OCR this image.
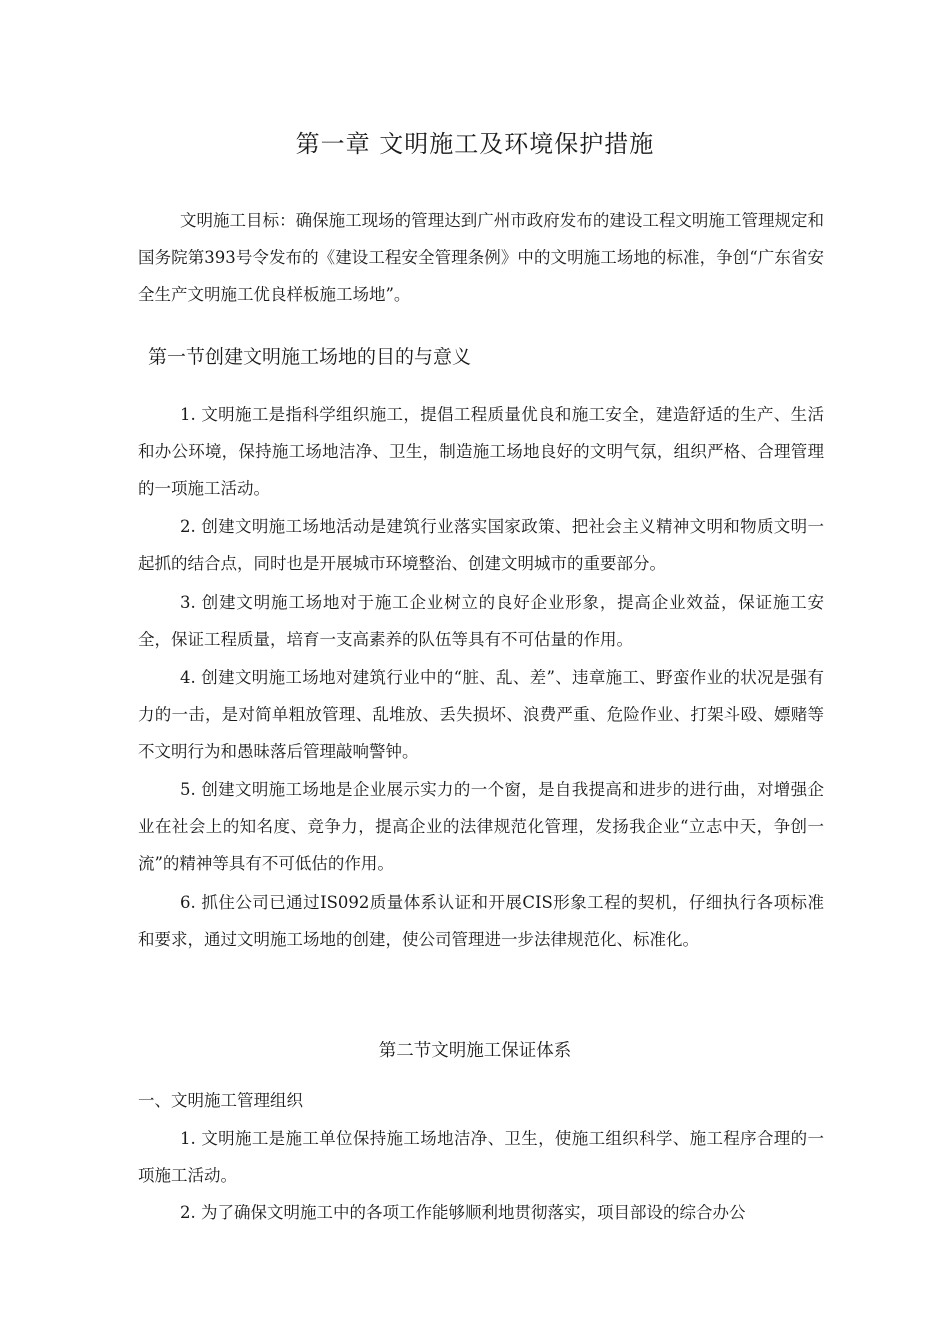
第一章 文明施工及环境保护措施

文明施工目标：确保施工现场的管理达到广州市政府发布的建设工程文明施工管理规定和国务院第393号令发布的《建设工程安全管理条例》中的文明施工场地的标准，争创“广东省安全生产文明施工优良样板施工场地”。

第一节创建文明施工场地的目的与意义

1. 文明施工是指科学组织施工，提倡工程质量优良和施工安全，建造舒适的生产、生活和办公环境，保持施工场地洁净、卫生，制造施工场地良好的文明气氛，组织严格、合理管理的一项施工活动。

2. 创建文明施工场地活动是建筑行业落实国家政策、把社会主义精神文明和物质文明一起抓的结合点，同时也是开展城市环境整治、创建文明城市的重要部分。

3. 创建文明施工场地对于施工企业树立的良好企业形象，提高企业效益，保证施工安全，保证工程质量，培育一支高素养的队伍等具有不可估量的作用。

4. 创建文明施工场地对建筑行业中的“脏、乱、差”、违章施工、野蛮作业的状况是强有力的一击，是对简单粗放管理、乱堆放、丢失损坏、浪费严重、危险作业、打架斗殴、嫖赌等不文明行为和愚昧落后管理敲响警钟。

5. 创建文明施工场地是企业展示实力的一个窗，是自我提高和进步的进行曲，对增强企业在社会上的知名度、竞争力，提高企业的法律规范化管理，发扬我企业“立志中天，争创一流”的精神等具有不可低估的作用。

6. 抓住公司已通过IS092质量体系认证和开展CIS形象工程的契机，仔细执行各项标准和要求，通过文明施工场地的创建，使公司管理进一步法律规范化、标准化。

第二节文明施工保证体系
一、文明施工管理组织

1. 文明施工是施工单位保持施工场地洁净、卫生，使施工组织科学、施工程序合理的一项施工活动。

2. 为了确保文明施工中的各项工作能够顺利地贯彻落实，项目部设的综合办公
